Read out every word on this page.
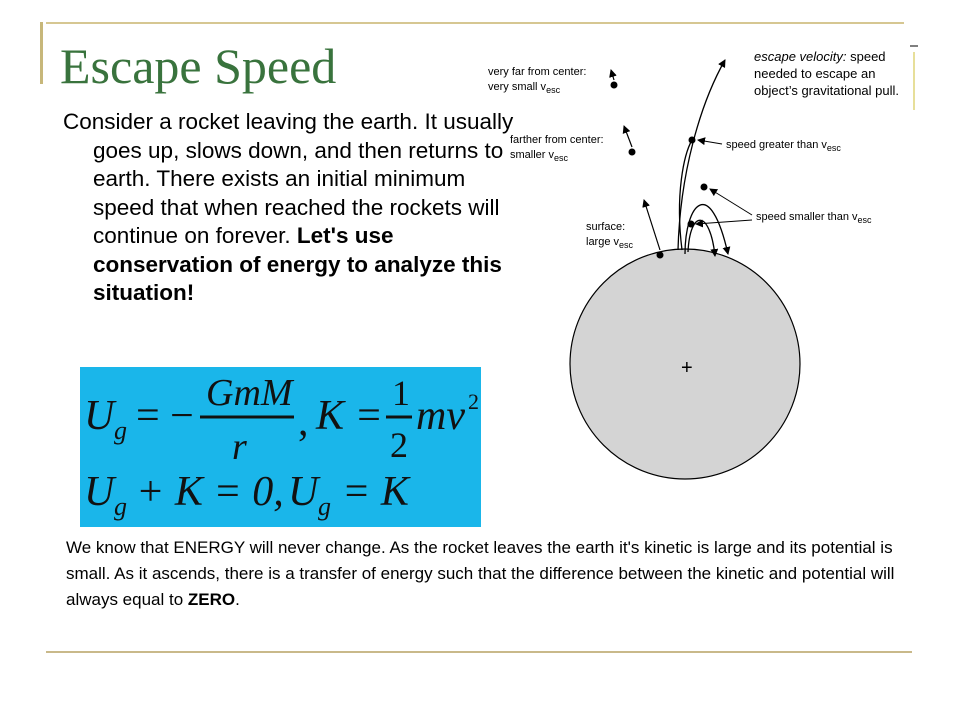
Escape Speed
Consider a rocket leaving the earth. It usually goes up, slows down, and then returns to earth. There exists an initial minimum speed that when reached the rockets will continue on forever. Let's use conservation of energy to analyze this situation!
U g = − GmM
r
, K = 1
2
mv 2
U g + K = 0, U g = K
We know that ENERGY will never change. As the rocket leaves the earth it's kinetic is large and its potential is small. As it ascends, there is a transfer of energy such that the difference between the kinetic and potential will always equal to ZERO.
+
escape velocity: speed
needed to escape an
object’s gravitational pull.
very far from center:
very small $v_{esc}$
farther from center:
smaller $v_{esc}$
surface:
large $v_{esc}$
speed greater than $v_{esc}$
speed smaller than $v_{esc}$
